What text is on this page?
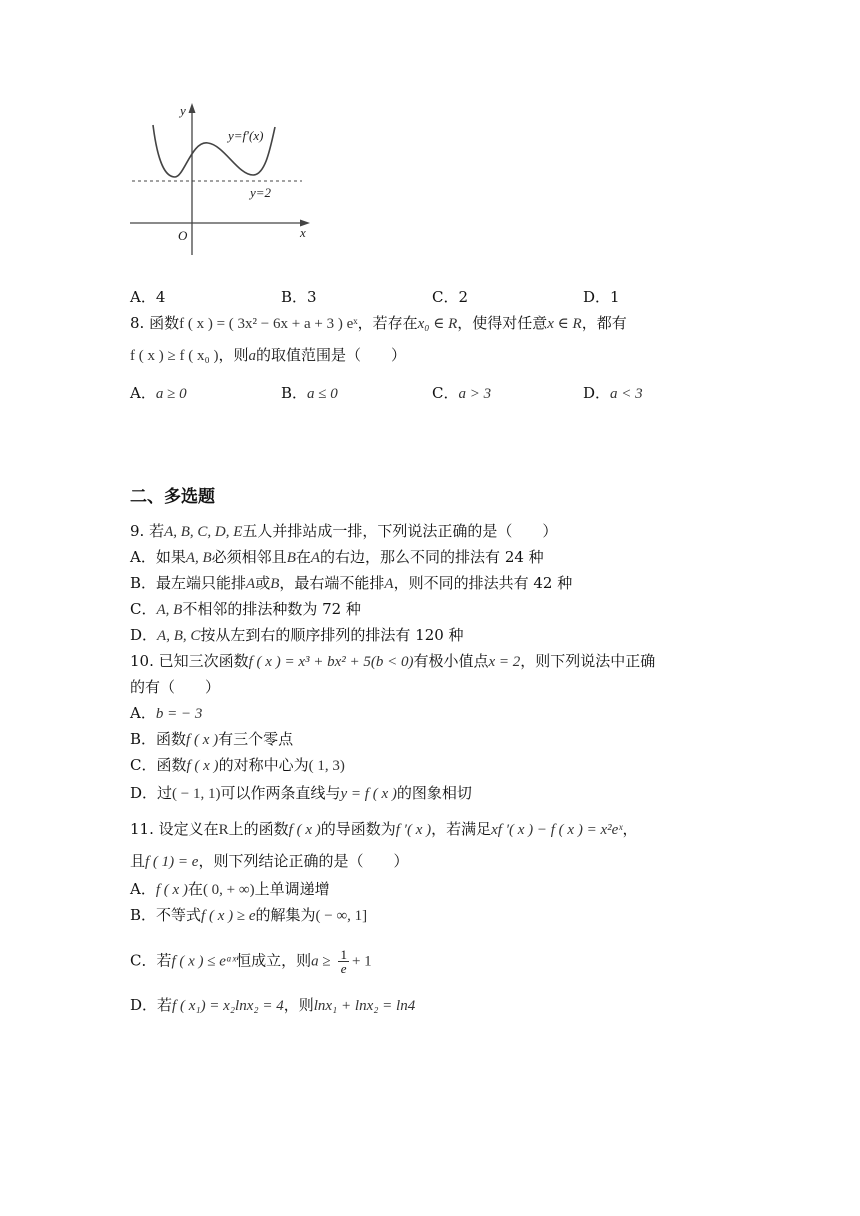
y
x
O
y=f′(x)
y=2
A．4	B．3	C．2	D．1
8. 函数f ( x ) = ( 3x² − 6x + a + 3 ) eˣ，若存在x₀ ∈ R，使得对任意x ∈ R，都有
f ( x ) ≥ f ( x₀ )，则a的取值范围是（　　）
A．a ≥ 0	B．a ≤ 0	C．a > 3	D．a < 3
二、多选题
9. 若A, B, C, D, E五人并排站成一排，下列说法正确的是（　　）
A．如果A, B必须相邻且B在A的右边，那么不同的排法有 24 种
B．最左端只能排A或B，最右端不能排A，则不同的排法共有 42 种
C．A, B不相邻的排法种数为 72 种
D．A, B, C按从左到右的顺序排列的排法有 120 种
10. 已知三次函数f ( x ) = x³ + bx² + 5(b < 0)有极小值点x = 2，则下列说法中正确
的有（　　）
A．b = − 3
B．函数f ( x )有三个零点
C．函数f ( x )的对称中心为( 1, 3)
D．过( − 1, 1)可以作两条直线与y = f ( x )的图象相切
11. 设定义在R上的函数f ( x )的导函数为f ′( x )，若满足xf ′( x ) − f ( x ) = x²eˣ，
且f ( 1) = e，则下列结论正确的是（　　）
A．f ( x )在( 0, + ∞)上单调递增
B．不等式f ( x ) ≥ e的解集为( − ∞, 1]
C．若f ( x ) ≤ eᵃˣ恒成立，则$a \ge \frac{1}{e} + 1$
D．若f ( x₁) = x₂lnx₂ = 4，则lnx₁ + lnx₂ = ln4
